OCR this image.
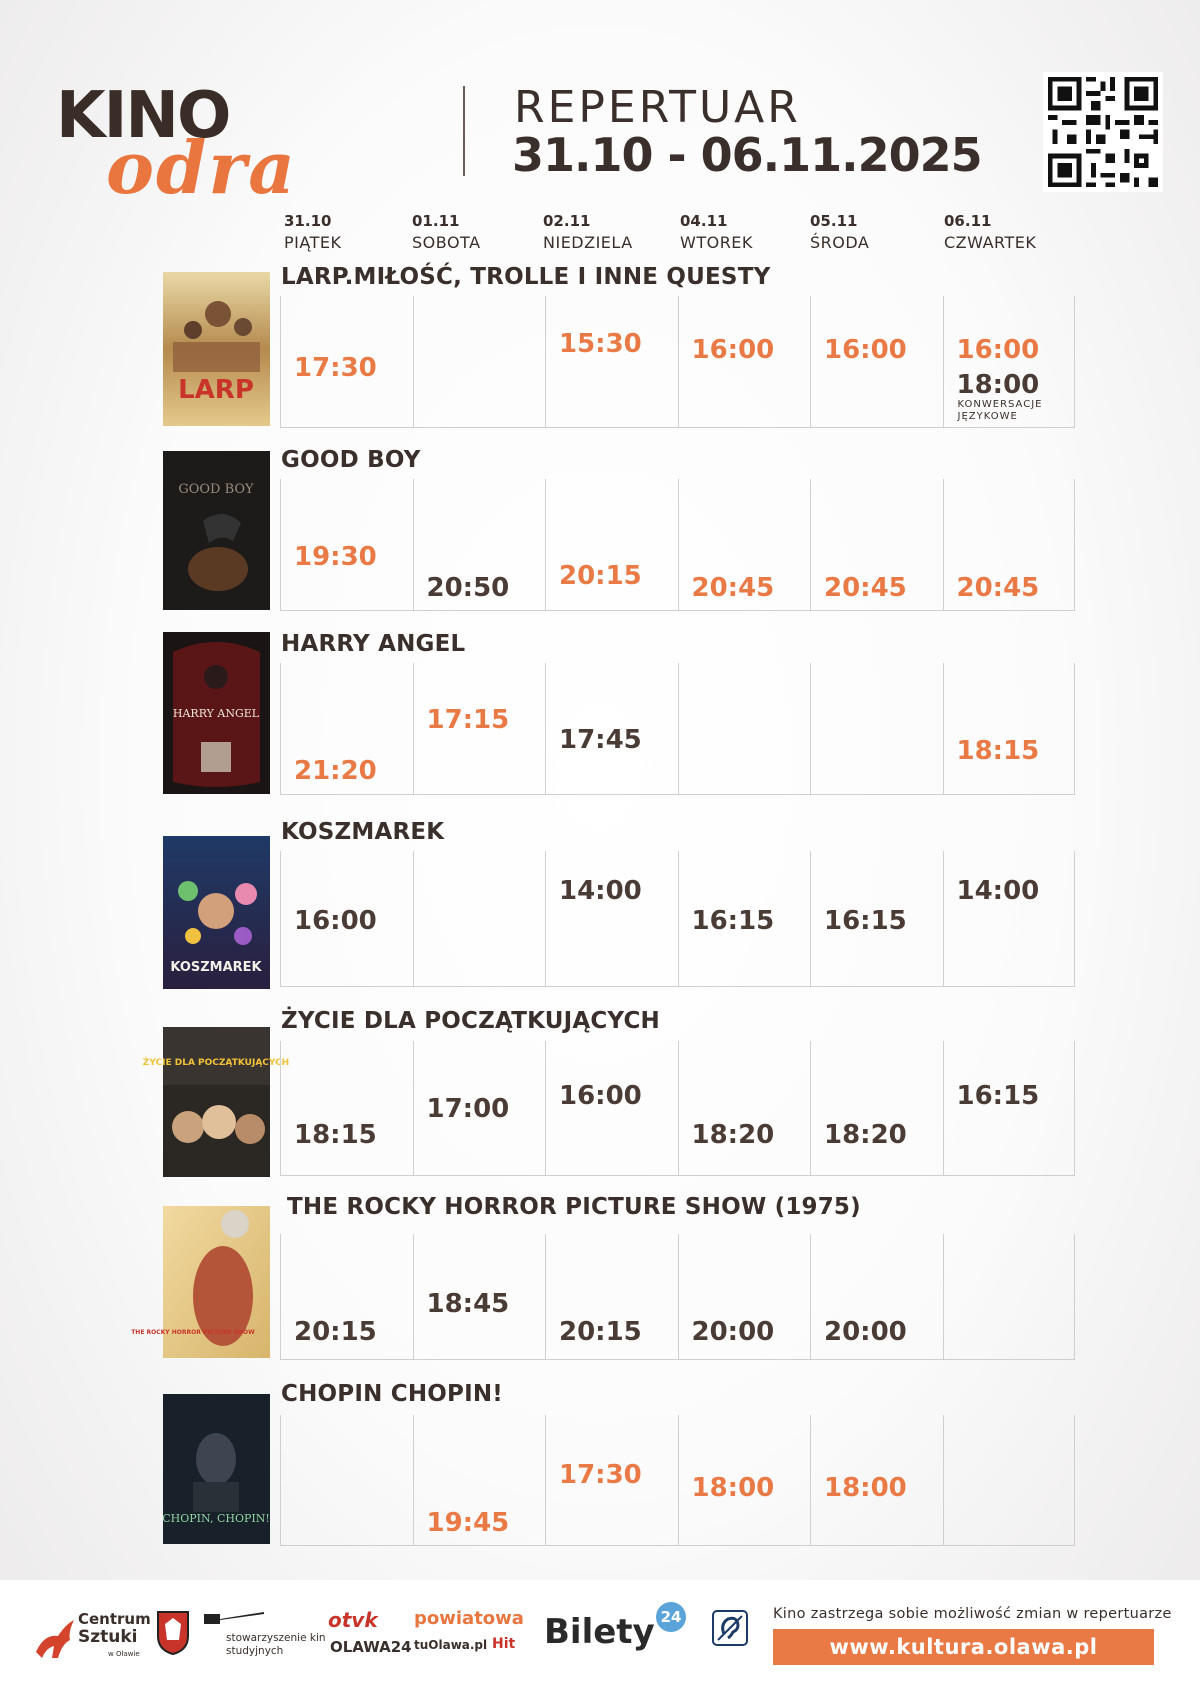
KINO
odra
REPERTUAR
31.10 - 06.11.2025
31.10
PIĄTEK
01.11
SOBOTA
02.11
NIEDZIELA
04.11
WTOREK
05.11
ŚRODA
06.11
CZWARTEK
LARP
LARP.MIŁOŚĆ, TROLLE I INNE QUESTY
17:30
15:30 16:00 16:00 16:00
18:00
KONWERSACJE JĘZYKOWE
GOOD BOY
GOOD BOY
19:30
20:50 20:15 20:45 20:45 20:45
HARRY ANGEL
HARRY ANGEL
21:20
17:15
17:45	18:15
KOSZMAREK
KOSZMAREK
16:00
14:00
16:15 16:15
14:00
ŻYCIE DLA POCZĄTKUJĄCYCH
ŻYCIE DLA POCZĄTKUJĄCYCH
18:15
17:00 16:00
18:20 18:20
16:15
THE ROCKY HORROR PICTURE SHOW
THE ROCKY HORROR PICTURE SHOW (1975)
20:15
18:45
20:15 20:00 20:00
CHOPIN, CHOPIN!
CHOPIN CHOPIN!
19:45
17:30 18:00 18:00
Centrum
Sztuki
w Oławie
stowarzyszenie kin studyjnych
otvk
OLAWA24
powiatowa
tuOlawa.pl Hit Bilety 24	Kino zastrzega sobie możliwość zmian w repertuarze
www.kultura.olawa.pl
